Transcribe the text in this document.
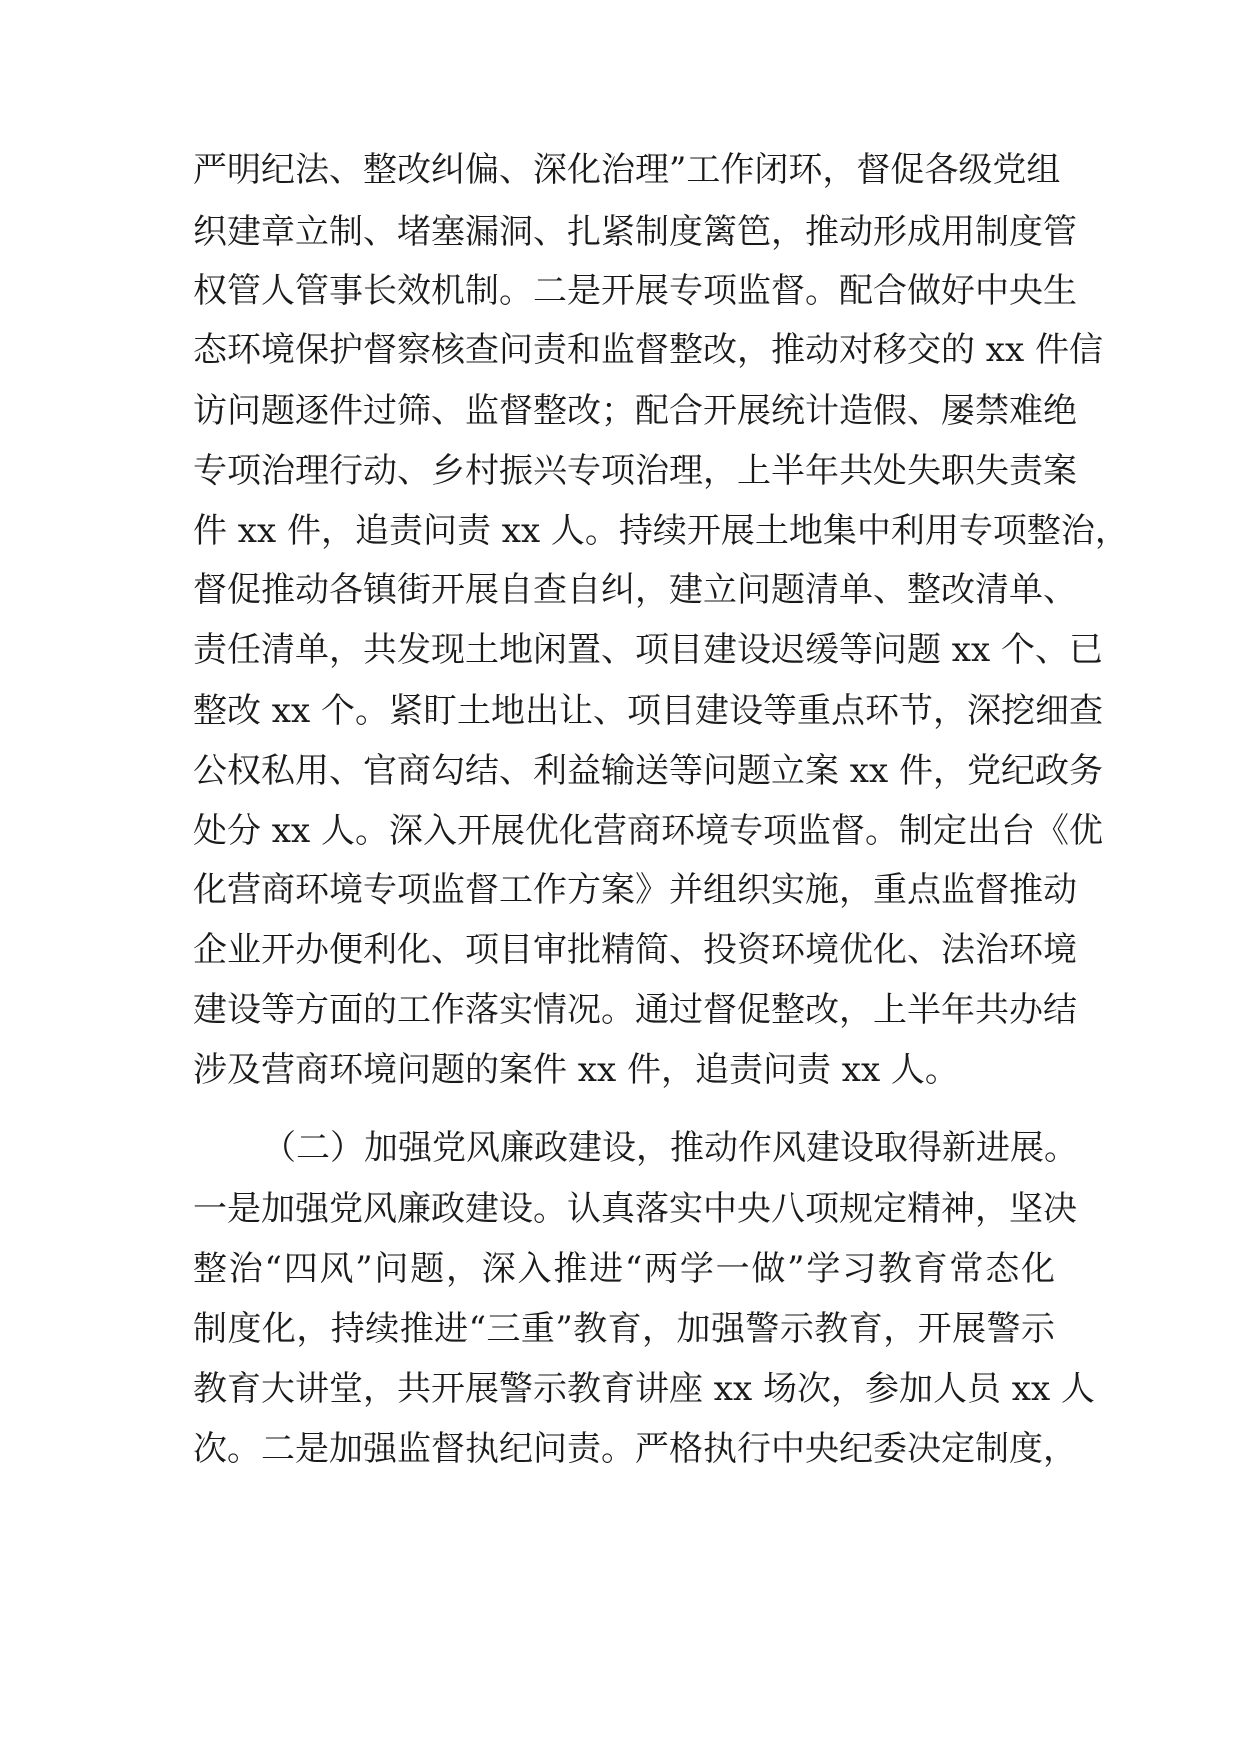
严明纪法、整改纠偏、深化治理”工作闭环，督促各级党组
织建章立制、堵塞漏洞、扎紧制度篱笆，推动形成用制度管
权管人管事长效机制。二是开展专项监督。配合做好中央生
态环境保护督察核查问责和监督整改，推动对移交的 xx 件信
访问题逐件过筛、监督整改；配合开展统计造假、屡禁难绝
专项治理行动、乡村振兴专项治理，上半年共处失职失责案
件 xx 件，追责问责 xx 人。持续开展土地集中利用专项整治，
督促推动各镇街开展自查自纠，建立问题清单、整改清单、
责任清单，共发现土地闲置、项目建设迟缓等问题 xx 个、已
整改 xx 个。紧盯土地出让、项目建设等重点环节，深挖细查
公权私用、官商勾结、利益输送等问题立案 xx 件，党纪政务
处分 xx 人。深入开展优化营商环境专项监督。制定出台《优
化营商环境专项监督工作方案》并组织实施，重点监督推动
企业开办便利化、项目审批精简、投资环境优化、法治环境
建设等方面的工作落实情况。通过督促整改，上半年共办结
涉及营商环境问题的案件 xx 件，追责问责 xx 人。
（二）加强党风廉政建设，推动作风建设取得新进展。
一是加强党风廉政建设。认真落实中央八项规定精神，坚决
整治“四风”问题，深入推进“两学一做”学习教育常态化
制度化，持续推进“三重”教育，加强警示教育，开展警示
教育大讲堂，共开展警示教育讲座 xx 场次，参加人员 xx 人
次。二是加强监督执纪问责。严格执行中央纪委决定制度，
